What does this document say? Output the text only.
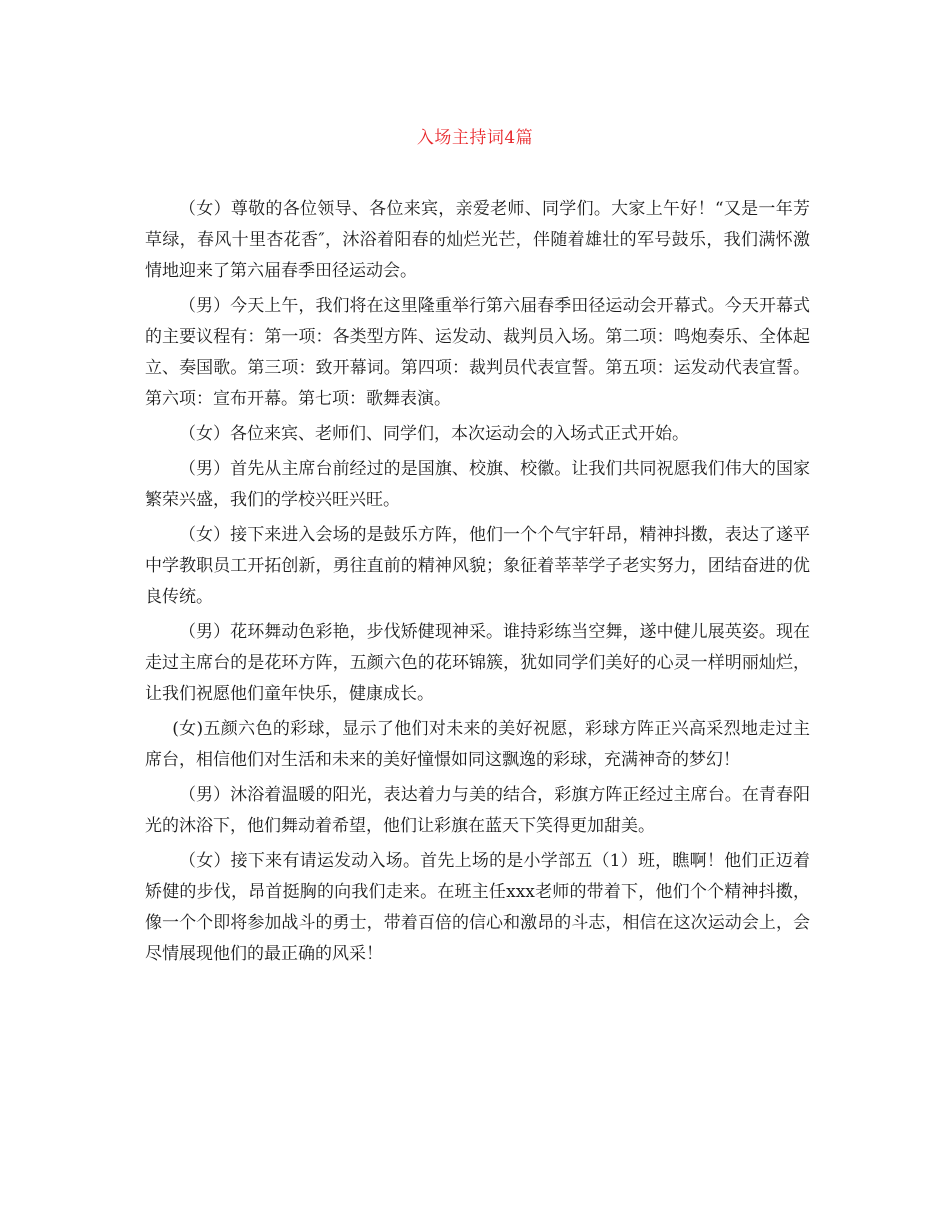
入场主持词4篇

（女）尊敬的各位领导、各位来宾，亲爱老师、同学们。大家上午好！“又是一年芳草绿，春风十里杏花香″，沐浴着阳春的灿烂光芒，伴随着雄壮的军号鼓乐，我们满怀激情地迎来了第六届春季田径运动会。

（男）今天上午，我们将在这里隆重举行第六届春季田径运动会开幕式。今天开幕式的主要议程有：第一项：各类型方阵、运发动、裁判员入场。第二项：鸣炮奏乐、全体起立、奏国歌。第三项：致开幕词。第四项：裁判员代表宣誓。第五项：运发动代表宣誓。第六项：宣布开幕。第七项：歌舞表演。

（女）各位来宾、老师们、同学们，本次运动会的入场式正式开始。

（男）首先从主席台前经过的是国旗、校旗、校徽。让我们共同祝愿我们伟大的国家繁荣兴盛，我们的学校兴旺兴旺。

（女）接下来进入会场的是鼓乐方阵，他们一个个气宇轩昂，精神抖擞，表达了遂平中学教职员工开拓创新，勇往直前的精神风貌；象征着莘莘学子老实努力，团结奋进的优良传统。

（男）花环舞动色彩艳，步伐矫健现神采。谁持彩练当空舞，遂中健儿展英姿。现在走过主席台的是花环方阵，五颜六色的花环锦簇，犹如同学们美好的心灵一样明丽灿烂，让我们祝愿他们童年快乐，健康成长。

(女)五颜六色的彩球，显示了他们对未来的美好祝愿，彩球方阵正兴高采烈地走过主席台，相信他们对生活和未来的美好憧憬如同这飘逸的彩球，充满神奇的梦幻！

（男）沐浴着温暖的阳光，表达着力与美的结合，彩旗方阵正经过主席台。在青春阳光的沐浴下，他们舞动着希望，他们让彩旗在蓝天下笑得更加甜美。

（女）接下来有请运发动入场。首先上场的是小学部五（1）班，瞧啊！他们正迈着矫健的步伐，昂首挺胸的向我们走来。在班主任xxx老师的带着下，他们个个精神抖擞，像一个个即将参加战斗的勇士，带着百倍的信心和激昂的斗志，相信在这次运动会上，会尽情展现他们的最正确的风采！
